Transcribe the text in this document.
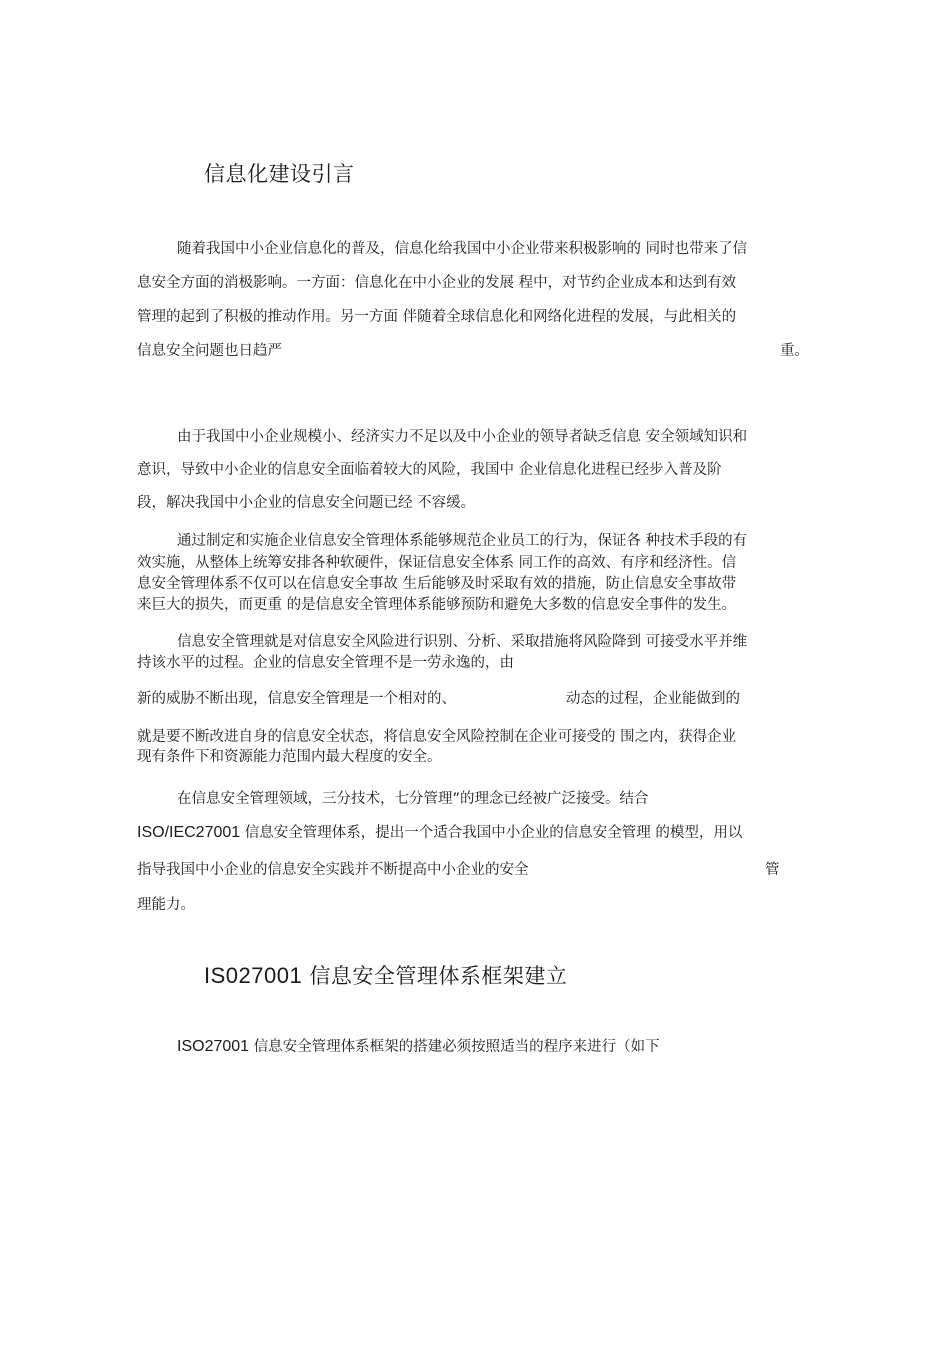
信息化建设引言
随着我国中小企业信息化的普及，信息化给我国中小企业带来积极影响的 同时也带来了信
息安全方面的消极影响。一方面：信息化在中小企业的发展 程中，对节约企业成本和达到有效
管理的起到了积极的推动作用。另一方面 伴随着全球信息化和网络化进程的发展，与此相关的
信息安全问题也日趋严	重。
由于我国中小企业规模小、经济实力不足以及中小企业的领导者缺乏信息 安全领域知识和
意识，导致中小企业的信息安全面临着较大的风险，我国中 企业信息化进程已经步入普及阶
段，解决我国中小企业的信息安全问题已经 不容缓。
通过制定和实施企业信息安全管理体系能够规范企业员工的行为，保证各 种技术手段的有
效实施，从整体上统筹安排各种软硬件，保证信息安全体系 同工作的高效、有序和经济性。信
息安全管理体系不仅可以在信息安全事故 生后能够及时采取有效的措施，防止信息安全事故带
来巨大的损失，而更重 的是信息安全管理体系能够预防和避免大多数的信息安全事件的发生。
信息安全管理就是对信息安全风险进行识别、分析、采取措施将风险降到 可接受水平并维
持该水平的过程。企业的信息安全管理不是一劳永逸的，由
新的威胁不断出现，信息安全管理是一个相对的、	动态的过程，企业能做到的
就是要不断改进自身的信息安全状态，将信息安全风险控制在企业可接受的 围之内，获得企业
现有条件下和资源能力范围内最大程度的安全。
在信息安全管理领域，三分技术，七分管理”的理念已经被广泛接受。结合
ISO/IEC27001 信息安全管理体系，提出一个适合我国中小企业的信息安全管理 的模型，用以
指导我国中小企业的信息安全实践并不断提高中小企业的安全	管
理能力。
IS027001 信息安全管理体系框架建立
ISO27001 信息安全管理体系框架的搭建必须按照适当的程序来进行（如下
